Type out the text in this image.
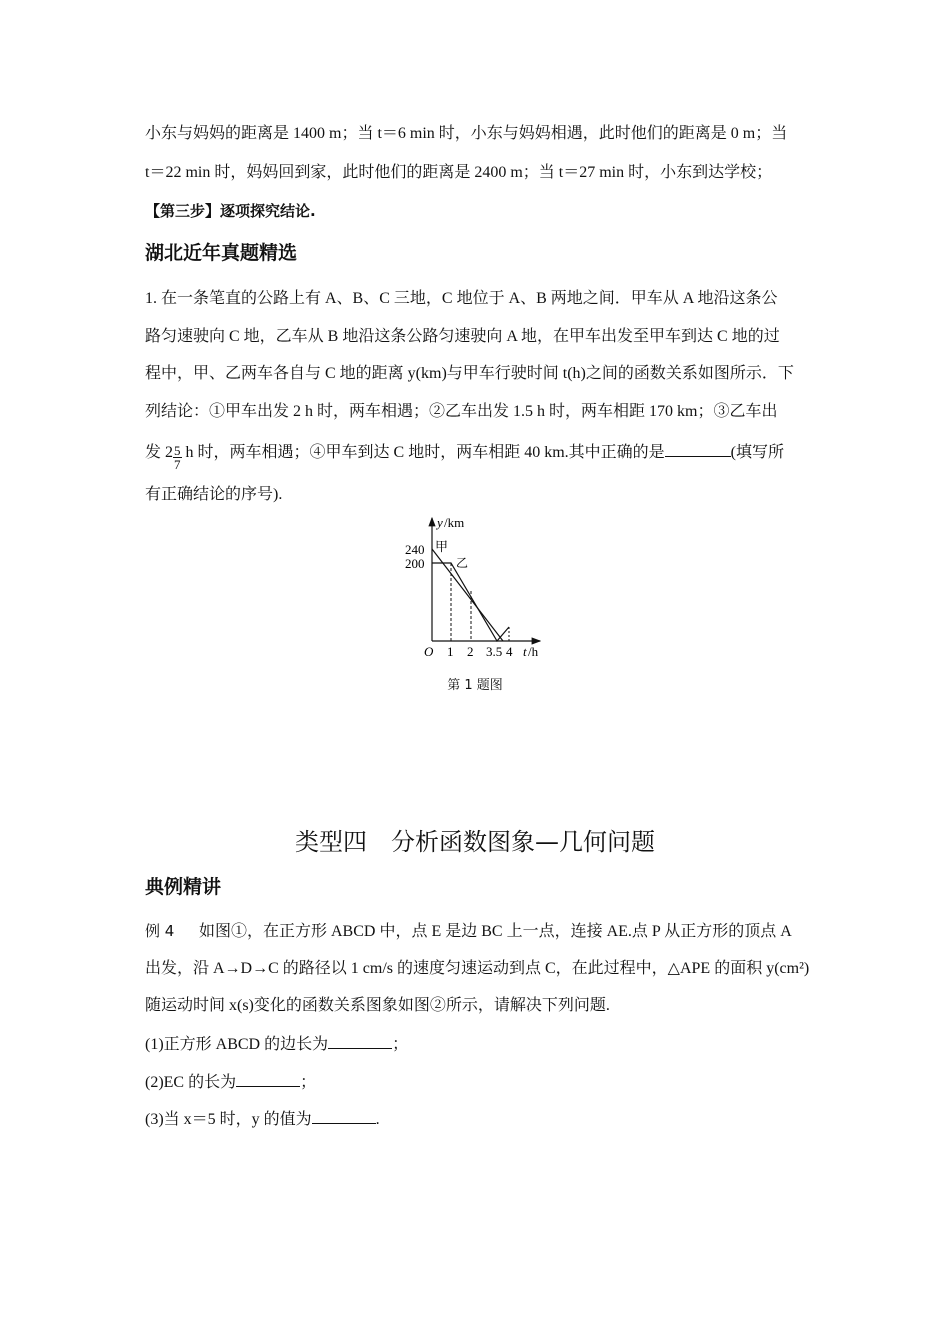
小东与妈妈的距离是 1400 m；当 t＝6 min 时，小东与妈妈相遇，此时他们的距离是 0 m；当
t＝22 min 时，妈妈回到家，此时他们的距离是 2400 m；当 t＝27 min 时，小东到达学校；
【第三步】逐项探究结论.
湖北近年真题精选
1. 在一条笔直的公路上有 A、B、C 三地，C 地位于 A、B 两地之间．甲车从 A 地沿这条公
路匀速驶向 C 地，乙车从 B 地沿这条公路匀速驶向 A 地，在甲车出发至甲车到达 C 地的过
程中，甲、乙两车各自与 C 地的距离 y(km)与甲车行驶时间 t(h)之间的函数关系如图所示．下
列结论：①甲车出发 2 h 时，两车相遇；②乙车出发 1.5 h 时，两车相距 170 km；③乙车出
发 $2 \frac{5}{7}$ h 时，两车相遇；④甲车到达 C 地时，两车相距 40 km.其中正确的是	(填写所
有正确结论的序号).
y /km
240
200
甲
乙
O 1 2 3.5 4 t /h
第 1 题图
类型四　分析函数图象—几何问题
典例精讲
例 4 如图①，在正方形 ABCD 中，点 E 是边 BC 上一点，连接 AE.点 P 从正方形的顶点 A
出发，沿 A→D→C 的路径以 1 cm/s 的速度匀速运动到点 C，在此过程中，△APE 的面积 y(cm²)
随运动时间 x(s)变化的函数关系图象如图②所示，请解决下列问题.
(1)正方形 ABCD 的边长为	；
(2)EC 的长为	；
(3)当 x＝5 时，y 的值为	.
